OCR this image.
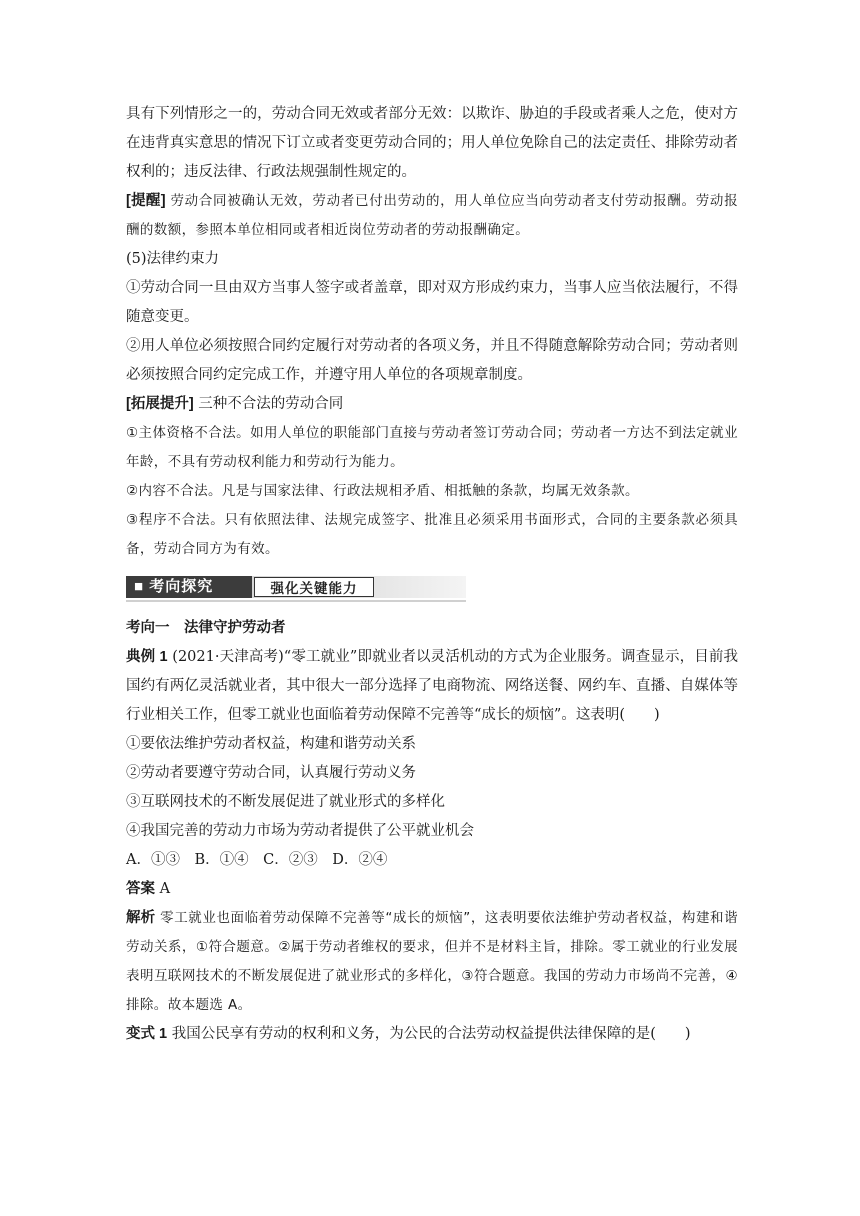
具有下列情形之一的，劳动合同无效或者部分无效：以欺诈、胁迫的手段或者乘人之危，使对方在违背真实意思的情况下订立或者变更劳动合同的；用人单位免除自己的法定责任、排除劳动者权利的；违反法律、行政法规强制性规定的。

[提醒] 劳动合同被确认无效，劳动者已付出劳动的，用人单位应当向劳动者支付劳动报酬。劳动报酬的数额，参照本单位相同或者相近岗位劳动者的劳动报酬确定。

(5)法律约束力

①劳动合同一旦由双方当事人签字或者盖章，即对双方形成约束力，当事人应当依法履行，不得随意变更。

②用人单位必须按照合同约定履行对劳动者的各项义务，并且不得随意解除劳动合同；劳动者则必须按照合同约定完成工作，并遵守用人单位的各项规章制度。

[拓展提升] 三种不合法的劳动合同

①主体资格不合法。如用人单位的职能部门直接与劳动者签订劳动合同；劳动者一方达不到法定就业年龄，不具有劳动权利能力和劳动行为能力。

②内容不合法。凡是与国家法律、行政法规相矛盾、相抵触的条款，均属无效条款。

③程序不合法。只有依照法律、法规完成签字、批准且必须采用书面形式，合同的主要条款必须具备，劳动合同方为有效。

■ 考向探究	强化关键能力

考向一　法律守护劳动者

典例 1 (2021·天津高考)“零工就业”即就业者以灵活机动的方式为企业服务。调查显示，目前我国约有两亿灵活就业者，其中很大一部分选择了电商物流、网络送餐、网约车、直播、自媒体等行业相关工作，但零工就业也面临着劳动保障不完善等“成长的烦恼”。这表明(　　)

①要依法维护劳动者权益，构建和谐劳动关系

②劳动者要遵守劳动合同，认真履行劳动义务

③互联网技术的不断发展促进了就业形式的多样化

④我国完善的劳动力市场为劳动者提供了公平就业机会

A．①③　B．①④　C．②③　D．②④

答案 A

解析 零工就业也面临着劳动保障不完善等“成长的烦恼”，这表明要依法维护劳动者权益，构建和谐劳动关系，①符合题意。②属于劳动者维权的要求，但并不是材料主旨，排除。零工就业的行业发展表明互联网技术的不断发展促进了就业形式的多样化，③符合题意。我国的劳动力市场尚不完善，④排除。故本题选 A。

变式 1 我国公民享有劳动的权利和义务，为公民的合法劳动权益提供法律保障的是(　　)
